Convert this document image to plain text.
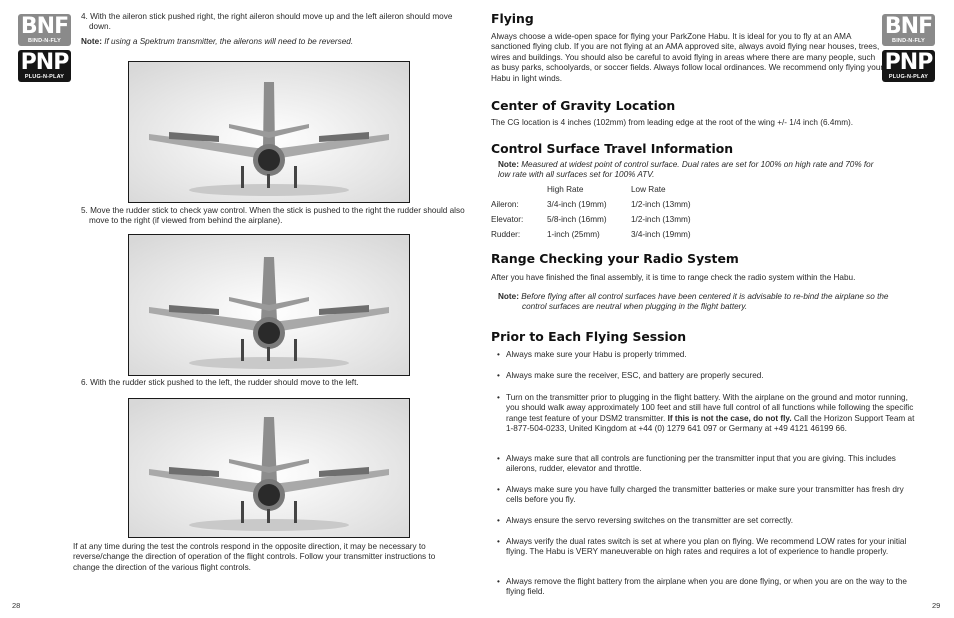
BNF
BIND-N-FLY
PNP
PLUG-N-PLAY
BNF
BIND-N-FLY
PNP
PLUG-N-PLAY
4. With the aileron stick pushed right, the right aileron should move up and the left aileron should move down.
Note: If using a Spektrum transmitter, the ailerons will need to be reversed.
5. Move the rudder stick to check yaw control. When the stick is pushed to the right the rudder should also move to the right (if viewed from behind the airplane).
6. With the rudder stick pushed to the left, the rudder should move to the left.
If at any time during the test the controls respond in the opposite direction, it may be necessary to reverse/change the direction of operation of the flight controls. Follow your transmitter instructions to change the direction of the various flight controls.
28
Flying
Always choose a wide-open space for flying your ParkZone Habu. It is ideal for you to fly at an AMA sanctioned flying club. If you are not flying at an AMA approved site, always avoid flying near houses, trees, wires and buildings. You should also be careful to avoid flying in areas where there are many people, such as busy parks, schoolyards, or soccer fields. Always follow local ordinances. We recommend only flying your Habu in light winds.
Center of Gravity Location
The CG location is 4 inches (102mm) from leading edge at the root of the wing +/- 1/4 inch (6.4mm).
Control Surface Travel Information
Note: Measured at widest point of control surface. Dual rates are set for 100% on high rate and 70% for low rate with all surfaces set for 100% ATV.
	High Rate	Low Rate
Aileron:	3/4-inch (19mm)	1/2-inch (13mm)
Elevator:	5/8-inch (16mm)	1/2-inch (13mm)
Rudder:	1-inch (25mm)	3/4-inch (19mm)
Range Checking your Radio System
After you have finished the final assembly, it is time to range check the radio system within the Habu.
Note: Before flying after all control surfaces have been centered it is advisable to re-bind the airplane so the control surfaces are neutral when plugging in the flight battery.
Prior to Each Flying Session
• Always make sure your Habu is properly trimmed.
• Always make sure the receiver, ESC, and battery are properly secured.
• Turn on the transmitter prior to plugging in the flight battery. With the airplane on the ground and motor running, you should walk away approximately 100 feet and still have full control of all functions while following the specific range test feature of your DSM2 transmitter. If this is not the case, do not fly. Call the Horizon Support Team at 1-877-504-0233, United Kingdom at +44 (0) 1279 641 097 or Germany at +49 4121 46199 66.
• Always make sure that all controls are functioning per the transmitter input that you are giving. This includes ailerons, rudder, elevator and throttle.
• Always make sure you have fully charged the transmitter batteries or make sure your transmitter has fresh dry cells before you fly.
• Always ensure the servo reversing switches on the transmitter are set correctly.
• Always verify the dual rates switch is set at where you plan on flying. We recommend LOW rates for your initial flying. The Habu is VERY maneuverable on high rates and requires a lot of experience to handle properly.
• Always remove the flight battery from the airplane when you are done flying, or when you are on the way to the flying field.
29
